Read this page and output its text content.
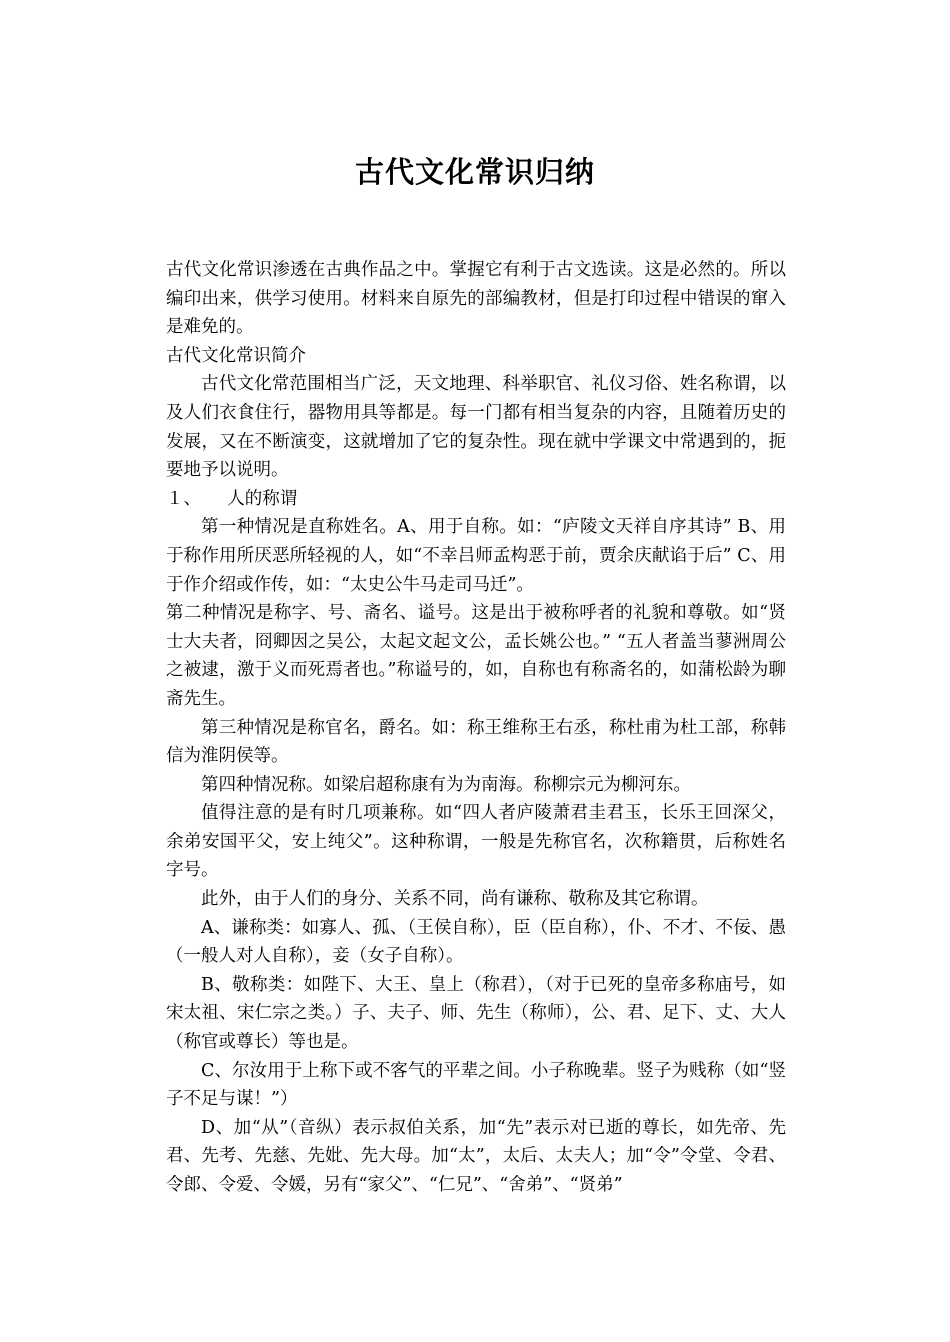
古代文化常识归纳

古代文化常识渗透在古典作品之中。掌握它有利于古文选读。这是必然的。所以编印出来，供学习使用。材料来自原先的部编教材，但是打印过程中错误的窜入是难免的。

古代文化常识简介

古代文化常范围相当广泛，天文地理、科举职官、礼仪习俗、姓名称谓，以及人们衣食住行，器物用具等都是。每一门都有相当复杂的内容，且随着历史的发展，又在不断演变，这就增加了它的复杂性。现在就中学课文中常遇到的，扼要地予以说明。

１、　　人的称谓

第一种情况是直称姓名。A、用于自称。如：“庐陵文天祥自序其诗” B、用于称作用所厌恶所轻视的人，如“不幸吕师孟构恶于前，贾余庆献谄于后” C、用于作介绍或作传，如：“太史公牛马走司马迁”。

第二种情况是称字、号、斋名、谥号。这是出于被称呼者的礼貌和尊敬。如“贤士大夫者，冏卿因之吴公，太起文起文公，孟长姚公也。” “五人者盖当蓼洲周公之被逮，激于义而死焉者也。”称谥号的，如，自称也有称斋名的，如蒲松龄为聊斋先生。

第三种情况是称官名，爵名。如：称王维称王右丞，称杜甫为杜工部，称韩信为淮阴侯等。

第四种情况称。如梁启超称康有为为南海。称柳宗元为柳河东。

值得注意的是有时几项兼称。如“四人者庐陵萧君圭君玉，长乐王回深父，余弟安国平父，安上纯父”。这种称谓，一般是先称官名，次称籍贯，后称姓名字号。

此外，由于人们的身分、关系不同，尚有谦称、敬称及其它称谓。

A、谦称类：如寡人、孤、（王侯自称），臣（臣自称），仆、不才、不佞、愚（一般人对人自称），妾（女子自称）。

B、敬称类：如陛下、大王、皇上（称君），（对于已死的皇帝多称庙号，如宋太祖、宋仁宗之类。）子、夫子、师、先生（称师），公、君、足下、丈、大人（称官或尊长）等也是。

C、尔汝用于上称下或不客气的平辈之间。小子称晚辈。竖子为贱称（如“竖子不足与谋！”）

D、加“从”（音纵）表示叔伯关系，加“先”表示对已逝的尊长，如先帝、先君、先考、先慈、先妣、先大母。加“太”，太后、太夫人；加“令”令堂、令君、令郎、令爱、令媛，另有“家父”、“仁兄”、“舍弟”、“贤弟”
